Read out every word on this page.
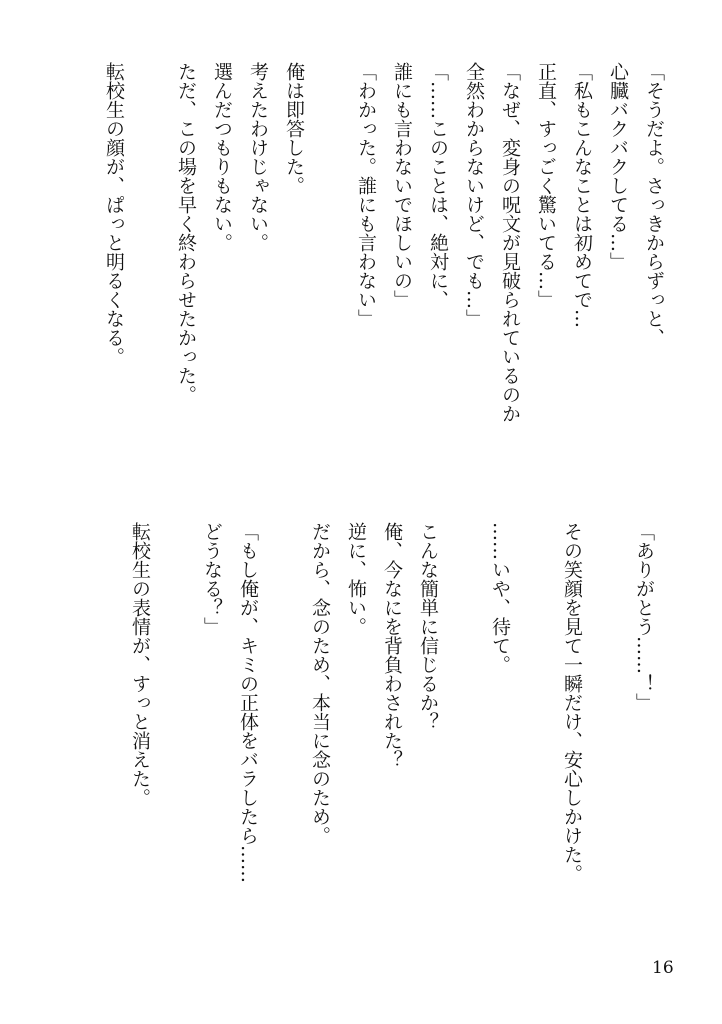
「そうだよ。さっきからずっと、
心臓バクバクしてる…」
「私もこんなことは初めてで…
正直、すっごく驚いてる…」
「なぜ、変身の呪文が見破られているのか
全然わからないけど、でも…」
「……このことは、絶対に、
誰にも言わないでほしいの」
「わかった。誰にも言わない」

俺は即答した。
考えたわけじゃない。
選んだつもりもない。
ただ、この場を早く終わらせたかった。

転校生の顔が、ぱっと明るくなる。
「ありがとう……！」

その笑顔を見て一瞬だけ、安心しかけた。

……いや、待て。

こんな簡単に信じるか？
俺、今なにを背負わされた？
逆に、怖い。
だから、念のため、本当に念のため。

「もし俺が、キミの正体をバラしたら……
どうなる？」

転校生の表情が、すっと消えた。
16
